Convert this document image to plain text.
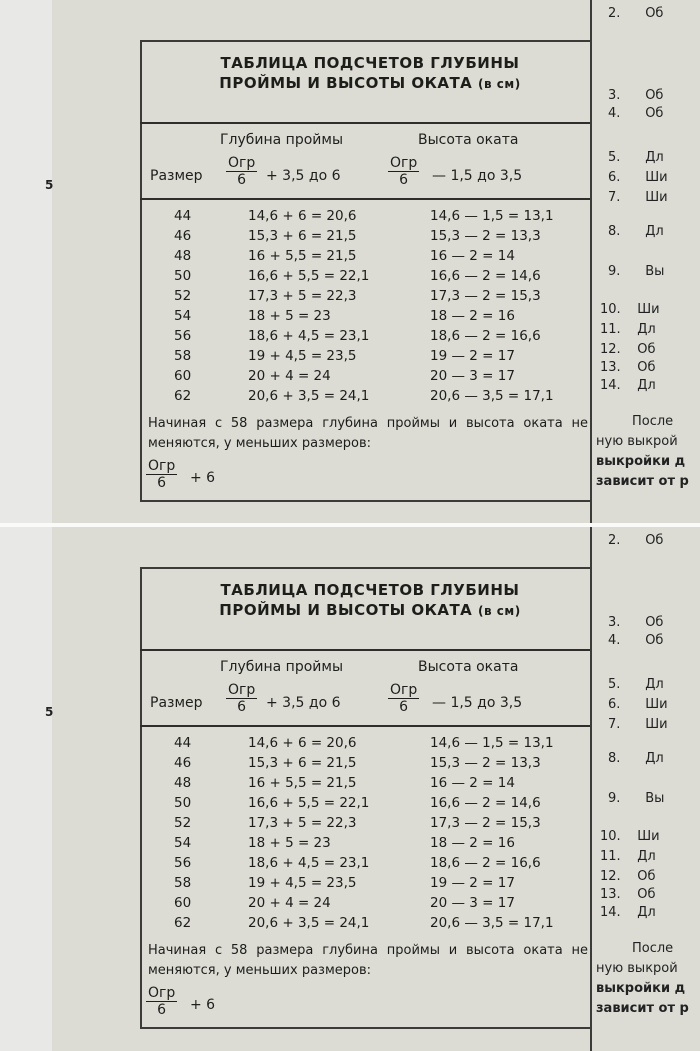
5
ТАБЛИЦА ПОДСЧЕТОВ ГЛУБИНЫ
ПРОЙМЫ И ВЫСОТЫ ОКАТА (в см)
Глубина проймы	Высота оката
Размер
Огр
6	+ 3,5 до 6
Огр
6	— 1,5 до 3,5
44	14,6 + 6 = 20,6	14,6 — 1,5 = 13,1
46	15,3 + 6 = 21,5	15,3 — 2 = 13,3
48	16 + 5,5 = 21,5	16 — 2 = 14
50	16,6 + 5,5 = 22,1	16,6 — 2 = 14,6
52	17,3 + 5 = 22,3	17,3 — 2 = 15,3
54	18 + 5 = 23	18 — 2 = 16
56	18,6 + 4,5 = 23,1	18,6 — 2 = 16,6
58	19 + 4,5 = 23,5	19 — 2 = 17
60	20 + 4 = 24	20 — 3 = 17
62	20,6 + 3,5 = 24,1	20,6 — 3,5 = 17,1
Начиная с 58 размера глубина проймы и высота оката не меняются, у меньших размеров:
Огр
6	+ 6
2. Об
3. Об
4. Об
5. Дл
6. Ши
7. Ши
8. Дл
9. Вы
10. Ши
11. Дл
12. Об
13. Об
14. Дл
После
ную выкрой
выкройки д
зависит от р
5
ТАБЛИЦА ПОДСЧЕТОВ ГЛУБИНЫ
ПРОЙМЫ И ВЫСОТЫ ОКАТА (в см)
Глубина проймы	Высота оката
Размер
Огр
6	+ 3,5 до 6
Огр
6	— 1,5 до 3,5
44	14,6 + 6 = 20,6	14,6 — 1,5 = 13,1
46	15,3 + 6 = 21,5	15,3 — 2 = 13,3
48	16 + 5,5 = 21,5	16 — 2 = 14
50	16,6 + 5,5 = 22,1	16,6 — 2 = 14,6
52	17,3 + 5 = 22,3	17,3 — 2 = 15,3
54	18 + 5 = 23	18 — 2 = 16
56	18,6 + 4,5 = 23,1	18,6 — 2 = 16,6
58	19 + 4,5 = 23,5	19 — 2 = 17
60	20 + 4 = 24	20 — 3 = 17
62	20,6 + 3,5 = 24,1	20,6 — 3,5 = 17,1
Начиная с 58 размера глубина проймы и высота оката не меняются, у меньших размеров:
Огр
6	+ 6
2. Об
3. Об
4. Об
5. Дл
6. Ши
7. Ши
8. Дл
9. Вы
10. Ши
11. Дл
12. Об
13. Об
14. Дл
После
ную выкрой
выкройки д
зависит от р
